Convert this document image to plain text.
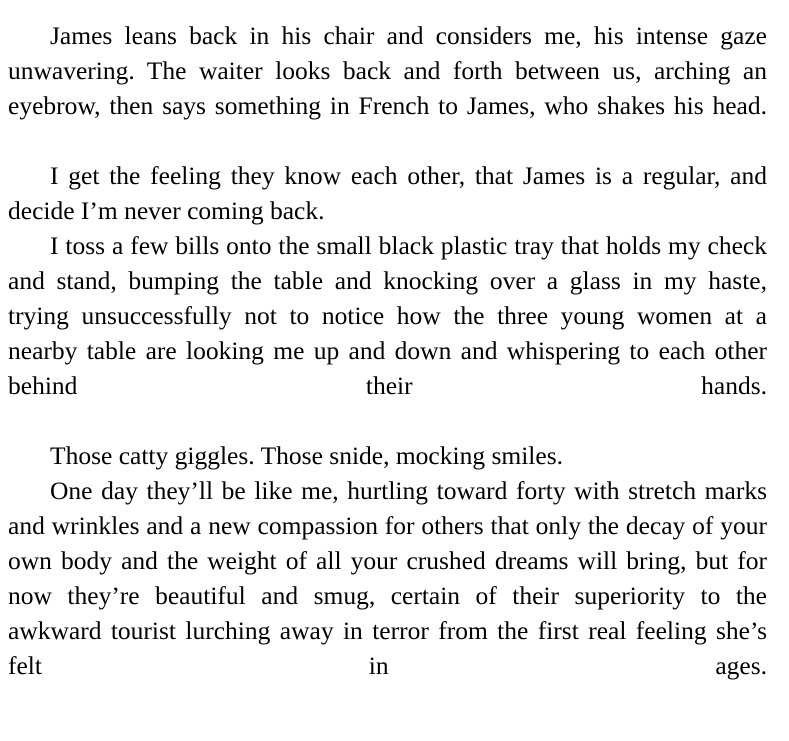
James leans back in his chair and considers me, his intense gaze unwavering. The waiter looks back and forth between us, arching an eyebrow, then says something in French to James, who shakes his head.

I get the feeling they know each other, that James is a regular, and decide I’m never coming back.

I toss a few bills onto the small black plastic tray that holds my check and stand, bumping the table and knocking over a glass in my haste, trying unsuccessfully not to notice how the three young women at a nearby table are looking me up and down and whispering to each other behind their hands.

Those catty giggles. Those snide, mocking smiles.

One day they’ll be like me, hurtling toward forty with stretch marks and wrinkles and a new compassion for others that only the decay of your own body and the weight of all your crushed dreams will bring, but for now they’re beautiful and smug, certain of their superiority to the awkward tourist lurching away in terror from the first real feeling she’s felt in ages.
